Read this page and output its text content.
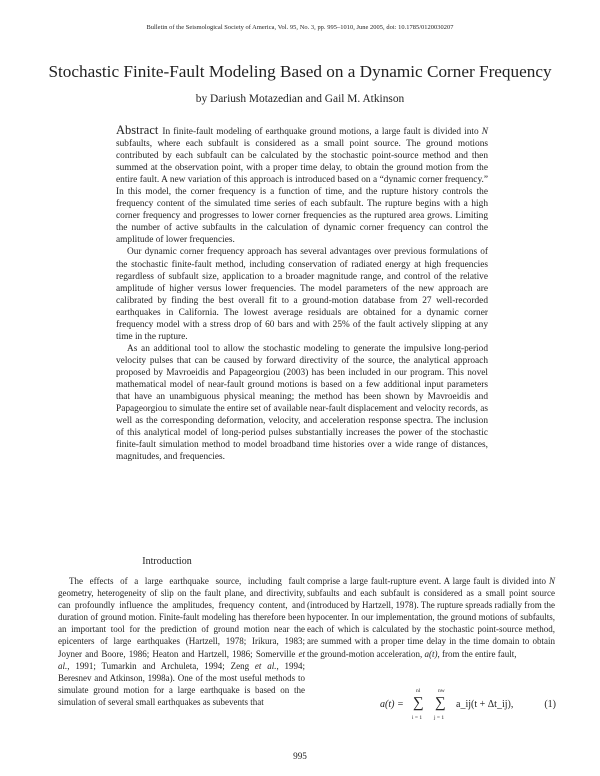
Bulletin of the Seismological Society of America, Vol. 95, No. 3, pp. 995–1010, June 2005, doi: 10.1785/0120030207
Stochastic Finite-Fault Modeling Based on a Dynamic Corner Frequency
by Dariush Motazedian and Gail M. Atkinson

Abstract In finite-fault modeling of earthquake ground motions, a large fault is divided into N subfaults, where each subfault is considered as a small point source. The ground motions contributed by each subfault can be calculated by the stochastic point-source method and then summed at the observation point, with a proper time delay, to obtain the ground motion from the entire fault. A new variation of this approach is introduced based on a “dynamic corner frequency.” In this model, the corner frequency is a function of time, and the rupture history controls the frequency content of the simulated time series of each subfault. The rupture begins with a high corner frequency and progresses to lower corner frequencies as the ruptured area grows. Limiting the number of active subfaults in the calculation of dynamic corner frequency can control the amplitude of lower frequencies.

Our dynamic corner frequency approach has several advantages over previous formulations of the stochastic finite-fault method, including conservation of radiated energy at high frequencies regardless of subfault size, application to a broader magnitude range, and control of the relative amplitude of higher versus lower frequencies. The model parameters of the new approach are calibrated by finding the best overall fit to a ground-motion database from 27 well-recorded earthquakes in California. The lowest average residuals are obtained for a dynamic corner frequency model with a stress drop of 60 bars and with 25% of the fault actively slipping at any time in the rupture.

As an additional tool to allow the stochastic modeling to generate the impulsive long-period velocity pulses that can be caused by forward directivity of the source, the analytical approach proposed by Mavroeidis and Papageorgiou (2003) has been included in our program. This novel mathematical model of near-fault ground motions is based on a few additional input parameters that have an unambiguous physical meaning; the method has been shown by Mavroeidis and Papageorgiou to simulate the entire set of available near-fault displacement and velocity records, as well as the corresponding deformation, velocity, and acceleration response spectra. The inclusion of this analytical model of long-period pulses substantially increases the power of the stochastic finite-fault simulation method to model broadband time histories over a wide range of distances, magnitudes, and frequencies.

Introduction

The effects of a large earthquake source, including fault geometry, heterogeneity of slip on the fault plane, and directivity, can profoundly influence the amplitudes, frequency content, and duration of ground motion. Finite-fault modeling has therefore been an important tool for the prediction of ground motion near the epicenters of large earthquakes (Hartzell, 1978; Irikura, 1983; Joyner and Boore, 1986; Heaton and Hartzell, 1986; Somerville et al., 1991; Tumarkin and Archuleta, 1994; Zeng et al., 1994; Beresnev and Atkinson, 1998a). One of the most useful methods to simulate ground motion for a large earthquake is based on the simulation of several small earthquakes as subevents that

comprise a large fault-rupture event. A large fault is divided into N subfaults and each subfault is considered as a small point source (introduced by Hartzell, 1978). The rupture spreads radially from the hypocenter. In our implementation, the ground motions of subfaults, each of which is calculated by the stochastic point-source method, are summed with a proper time delay in the time domain to obtain the ground-motion acceleration, a(t), from the entire fault,

a(t) =
nl
∑
i = 1
nw
∑
j = 1
a_ij(t + Δt_ij),	(1)
995
